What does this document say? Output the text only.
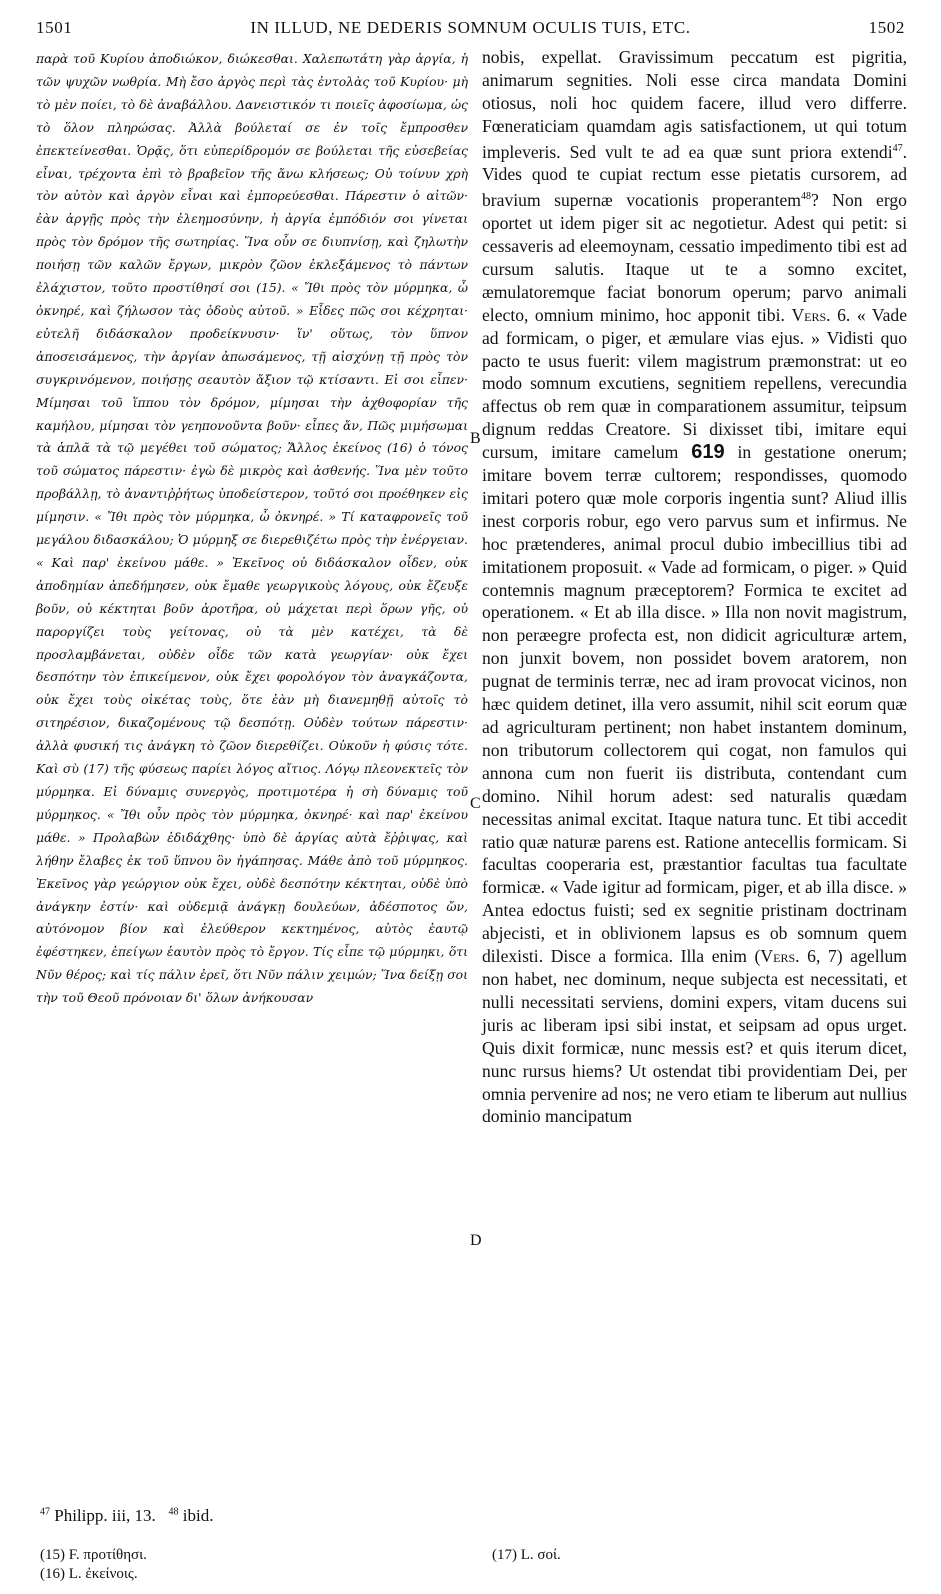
1501	IN ILLUD, NE DEDERIS SOMNUM OCULIS TUIS, ETC.	1502

παρὰ τοῦ Κυρίου ἀποδιώκον, διώκεσθαι. Χαλεπωτάτη γὰρ ἀργία, ἡ τῶν ψυχῶν νωθρία. Μὴ ἔσο ἀργὸς περὶ τὰς ἐντολὰς τοῦ Κυρίου· μὴ τὸ μὲν ποίει, τὸ δὲ ἀναβάλλου. Δανειστικόν τι ποιεῖς ἀφοσίωμα, ὡς τὸ ὅλον πληρώσας. Ἀλλὰ βούλεταί σε ἐν τοῖς ἔμπροσθεν ἐπεκτείνεσθαι. Ὁρᾷς, ὅτι εὐπερίδρομόν σε βούλεται τῆς εὐσεβείας εἶναι, τρέχοντα ἐπὶ τὸ βραβεῖον τῆς ἄνω κλήσεως; Οὐ τοίνυν χρὴ τὸν αὐτὸν καὶ ἀργὸν εἶναι καὶ ἐμπορεύεσθαι. Πάρεστιν ὁ αἰτῶν· ἐὰν ἀργῇς πρὸς τὴν ἐλεημοσύνην, ἡ ἀργία ἐμπόδιόν σοι γίνεται πρὸς τὸν δρόμον τῆς σωτηρίας. Ἵνα οὖν σε διυπνίσῃ, καὶ ζηλωτὴν ποιήσῃ τῶν καλῶν ἔργων, μικρὸν ζῶον ἐκλεξάμενος τὸ πάντων ἐλάχιστον, τοῦτο προστίθησί σοι (15). « Ἴθι πρὸς τὸν μύρμηκα, ὦ ὀκνηρέ, καὶ ζήλωσον τὰς ὁδοὺς αὐτοῦ. » Εἶδες πῶς σοι κέχρηται· εὐτελῆ διδάσκαλον προδείκνυσιν· ἵν' οὕτως, τὸν ὕπνον ἀποσεισάμενος, τὴν ἀργίαν ἀπωσάμενος, τῇ αἰσχύνῃ τῇ πρὸς τὸν συγκρινόμενον, ποιήσῃς σεαυτὸν ἄξιον τῷ κτίσαντι. Εἰ σοι εἶπεν· Μίμησαι τοῦ ἵππου τὸν δρόμον, μίμησαι τὴν ἀχθοφορίαν τῆς καμήλου, μίμησαι τὸν γεηπονοῦντα βοῦν· εἶπες ἄν, Πῶς μιμήσωμαι τὰ ἁπλᾶ τὰ τῷ μεγέθει τοῦ σώματος; Ἄλλος ἐκείνος (16) ὁ τόνος τοῦ σώματος πάρεστιν· ἐγὼ δὲ μικρὸς καὶ ἀσθενής. Ἵνα μὲν τοῦτο προβάλλῃ, τὸ ἀναντιῤῥήτως ὑποδείστερον, τοῦτό σοι προέθηκεν εἰς μίμησιν. « Ἴθι πρὸς τὸν μύρμηκα, ὦ ὀκνηρέ. » Τί καταφρονεῖς τοῦ μεγάλου διδασκάλου; Ὁ μύρμηξ σε διερεθιζέτω πρὸς τὴν ἐνέργειαν. « Καὶ παρ' ἐκείνου μάθε. » Ἐκεῖνος οὐ διδάσκαλον οἶδεν, οὐκ ἀποδημίαν ἀπεδήμησεν, οὐκ ἔμαθε γεωργικοὺς λόγους, οὐκ ἔζευξε βοῦν, οὐ κέκτηται βοῦν ἀροτῆρα, οὐ μάχεται περὶ ὅρων γῆς, οὐ παροργίζει τοὺς γείτονας, οὐ τὰ μὲν κατέχει, τὰ δὲ προσλαμβάνεται, οὐδὲν οἶδε τῶν κατὰ γεωργίαν· οὐκ ἔχει δεσπότην τὸν ἐπικείμενον, οὐκ ἔχει φορολόγον τὸν ἀναγκάζοντα, οὐκ ἔχει τοὺς οἰκέτας τοὺς, ὅτε ἐὰν μὴ διανεμηθῇ αὐτοῖς τὸ σιτηρέσιον, δικαζομένους τῷ δεσπότῃ. Οὐδὲν τούτων πάρεστιν· ἀλλὰ φυσική τις ἀνάγκη τὸ ζῶον διερεθίζει. Οὐκοῦν ἡ φύσις τότε. Καὶ σὺ (17) τῆς φύσεως παρίει λόγος αἴτιος. Λόγῳ πλεονεκτεῖς τὸν μύρμηκα. Εἰ δύναμις συνεργὸς, προτιμοτέρα ἡ σὴ δύναμις τοῦ μύρμηκος. « Ἴθι οὖν πρὸς τὸν μύρμηκα, ὀκνηρέ· καὶ παρ' ἐκείνου μάθε. » Προλαβὼν ἐδιδάχθης· ὑπὸ δὲ ἀργίας αὐτὰ ἔῤῥιψας, καὶ λήθην ἔλαβες ἐκ τοῦ ὕπνου ὃν ἠγάπησας. Μάθε ἀπὸ τοῦ μύρμηκος. Ἐκεῖνος γὰρ γεώργιον οὐκ ἔχει, οὐδὲ δεσπότην κέκτηται, οὐδὲ ὑπὸ ἀνάγκην ἐστίν· καὶ οὐδεμιᾷ ἀνάγκῃ δουλεύων, ἀδέσποτος ὤν, αὐτόνομον βίον καὶ ἐλεύθερον κεκτημένος, αὐτὸς ἑαυτῷ ἐφέστηκεν, ἐπείγων ἑαυτὸν πρὸς τὸ ἔργον. Τίς εἶπε τῷ μύρμηκι, ὅτι Νῦν θέρος; καὶ τίς πάλιν ἐρεῖ, ὅτι Νῦν πάλιν χειμών; Ἵνα δείξῃ σοι τὴν τοῦ Θεοῦ πρόνοιαν δι' ὅλων ἀνήκουσαν

B
C
D

nobis, expellat. Gravissimum peccatum est pigritia, animarum segnities. Noli esse circa mandata Domini otiosus, noli hoc quidem facere, illud vero differre. Fœneraticiam quamdam agis satisfactionem, ut qui totum impleveris. Sed vult te ad ea quæ sunt priora extendi$^{47}$. Vides quod te cupiat rectum esse pietatis cursorem, ad bravium supernæ vocationis properantem$^{48}$? Non ergo oportet ut idem piger sit ac negotietur. Adest qui petit: si cessaveris ad eleemoynam, cessatio impedimento tibi est ad cursum salutis. Itaque ut te a somno excitet, æmulatoremque faciat bonorum operum; parvo animali electo, omnium minimo, hoc apponit tibi. Vers. 6. « Vade ad formicam, o piger, et æmulare vias ejus. » Vidisti quo pacto te usus fuerit: vilem magistrum præmonstrat: ut eo modo somnum excutiens, segnitiem repellens, verecundia affectus ob rem quæ in comparationem assumitur, teipsum dignum reddas Creatore. Si dixisset tibi, imitare equi cursum, imitare camelum 619 in gestatione onerum; imitare bovem terræ cultorem; respondisses, quomodo imitari potero quæ mole corporis ingentia sunt? Aliud illis inest corporis robur, ego vero parvus sum et infirmus. Ne hoc prætenderes, animal procul dubio imbecillius tibi ad imitationem proposuit. « Vade ad formicam, o piger. » Quid contemnis magnum præceptorem? Formica te excitet ad operationem. « Et ab illa disce. » Illa non novit magistrum, non peræegre profecta est, non didicit agriculturæ artem, non junxit bovem, non possidet bovem aratorem, non pugnat de terminis terræ, nec ad iram provocat vicinos, non hæc quidem detinet, illa vero assumit, nihil scit eorum quæ ad agriculturam pertinent; non habet instantem dominum, non tributorum collectorem qui cogat, non famulos qui annona cum non fuerit iis distributa, contendant cum domino. Nihil horum adest: sed naturalis quædam necessitas animal excitat. Itaque natura tunc. Et tibi accedit ratio quæ naturæ parens est. Ratione antecellis formicam. Si facultas cooperaria est, præstantior facultas tua facultate formicæ. « Vade igitur ad formicam, piger, et ab illa disce. » Antea edoctus fuisti; sed ex segnitie pristinam doctrinam abjecisti, et in oblivionem lapsus es ob somnum quem dilexisti. Disce a formica. Illa enim (Vers. 6, 7) agellum non habet, nec dominum, neque subjecta est necessitati, et nulli necessitati serviens, domini expers, vitam ducens sui juris ac liberam ipsi sibi instat, et seipsam ad opus urget. Quis dixit formicæ, nunc messis est? et quis iterum dicet, nunc rursus hiems? Ut ostendat tibi providentiam Dei, per omnia pervenire ad nos; ne vero etiam te liberum aut nullius dominio mancipatum

$^{47}$ Philipp. iii, 13. $^{48}$ ibid.
(15) F. προτίθησι.
(16) L. ἐκείνοις.
(17) L. σοί.
